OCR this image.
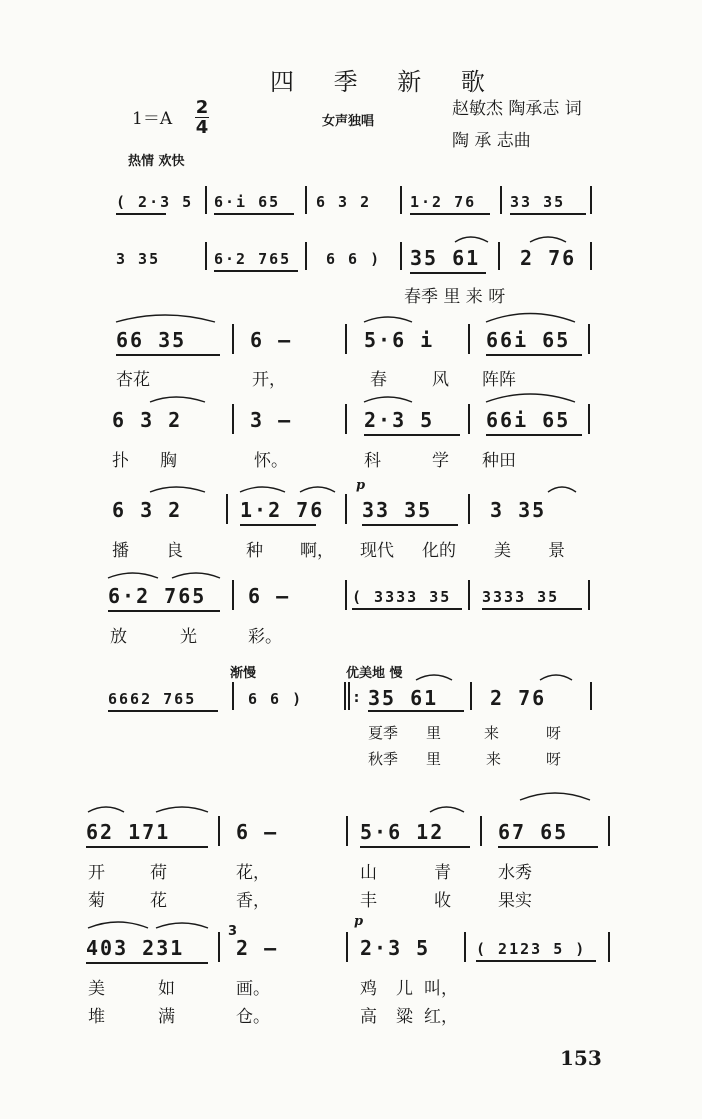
四 季 新 歌
1＝A
2
4	女声独唱
赵敏杰 陶承志 词
陶 承 志曲
热情 欢快
( 2·3 5 6·i 65 6 3 2	1·2 76 33 35
3 35	6·2 765 6 6 ) 35 61 2 76
春季 里 来 呀
66 35	6 —	5·6 i	66i 65
杏花	开，	春	风 阵阵
6 3 2	3 —	2·3 5	66i 65
扑 胸	怀。	科	学 种田
p
6 3 2	1·2 76 33 35	3 35
播 良	种 啊， 现代 化的 美 景
6·2 765 6 —	( 3333 35 3333 35
放	光	彩。
渐慢	优美地 慢
6662 765	6 6 )	35 61	2 76
:
夏季 里	来	呀
秋季 里	来	呀
62 171	6 —	5·6 12	67 65
开	荷	花，	山	青	水秀
菊	花	香，	丰	收	果实
p
3
403 231	2 —	2·3 5	( 2123 5 )
美	如	画。	鸡 儿 叫，
堆	满	仓。	高 粱 红，
153
